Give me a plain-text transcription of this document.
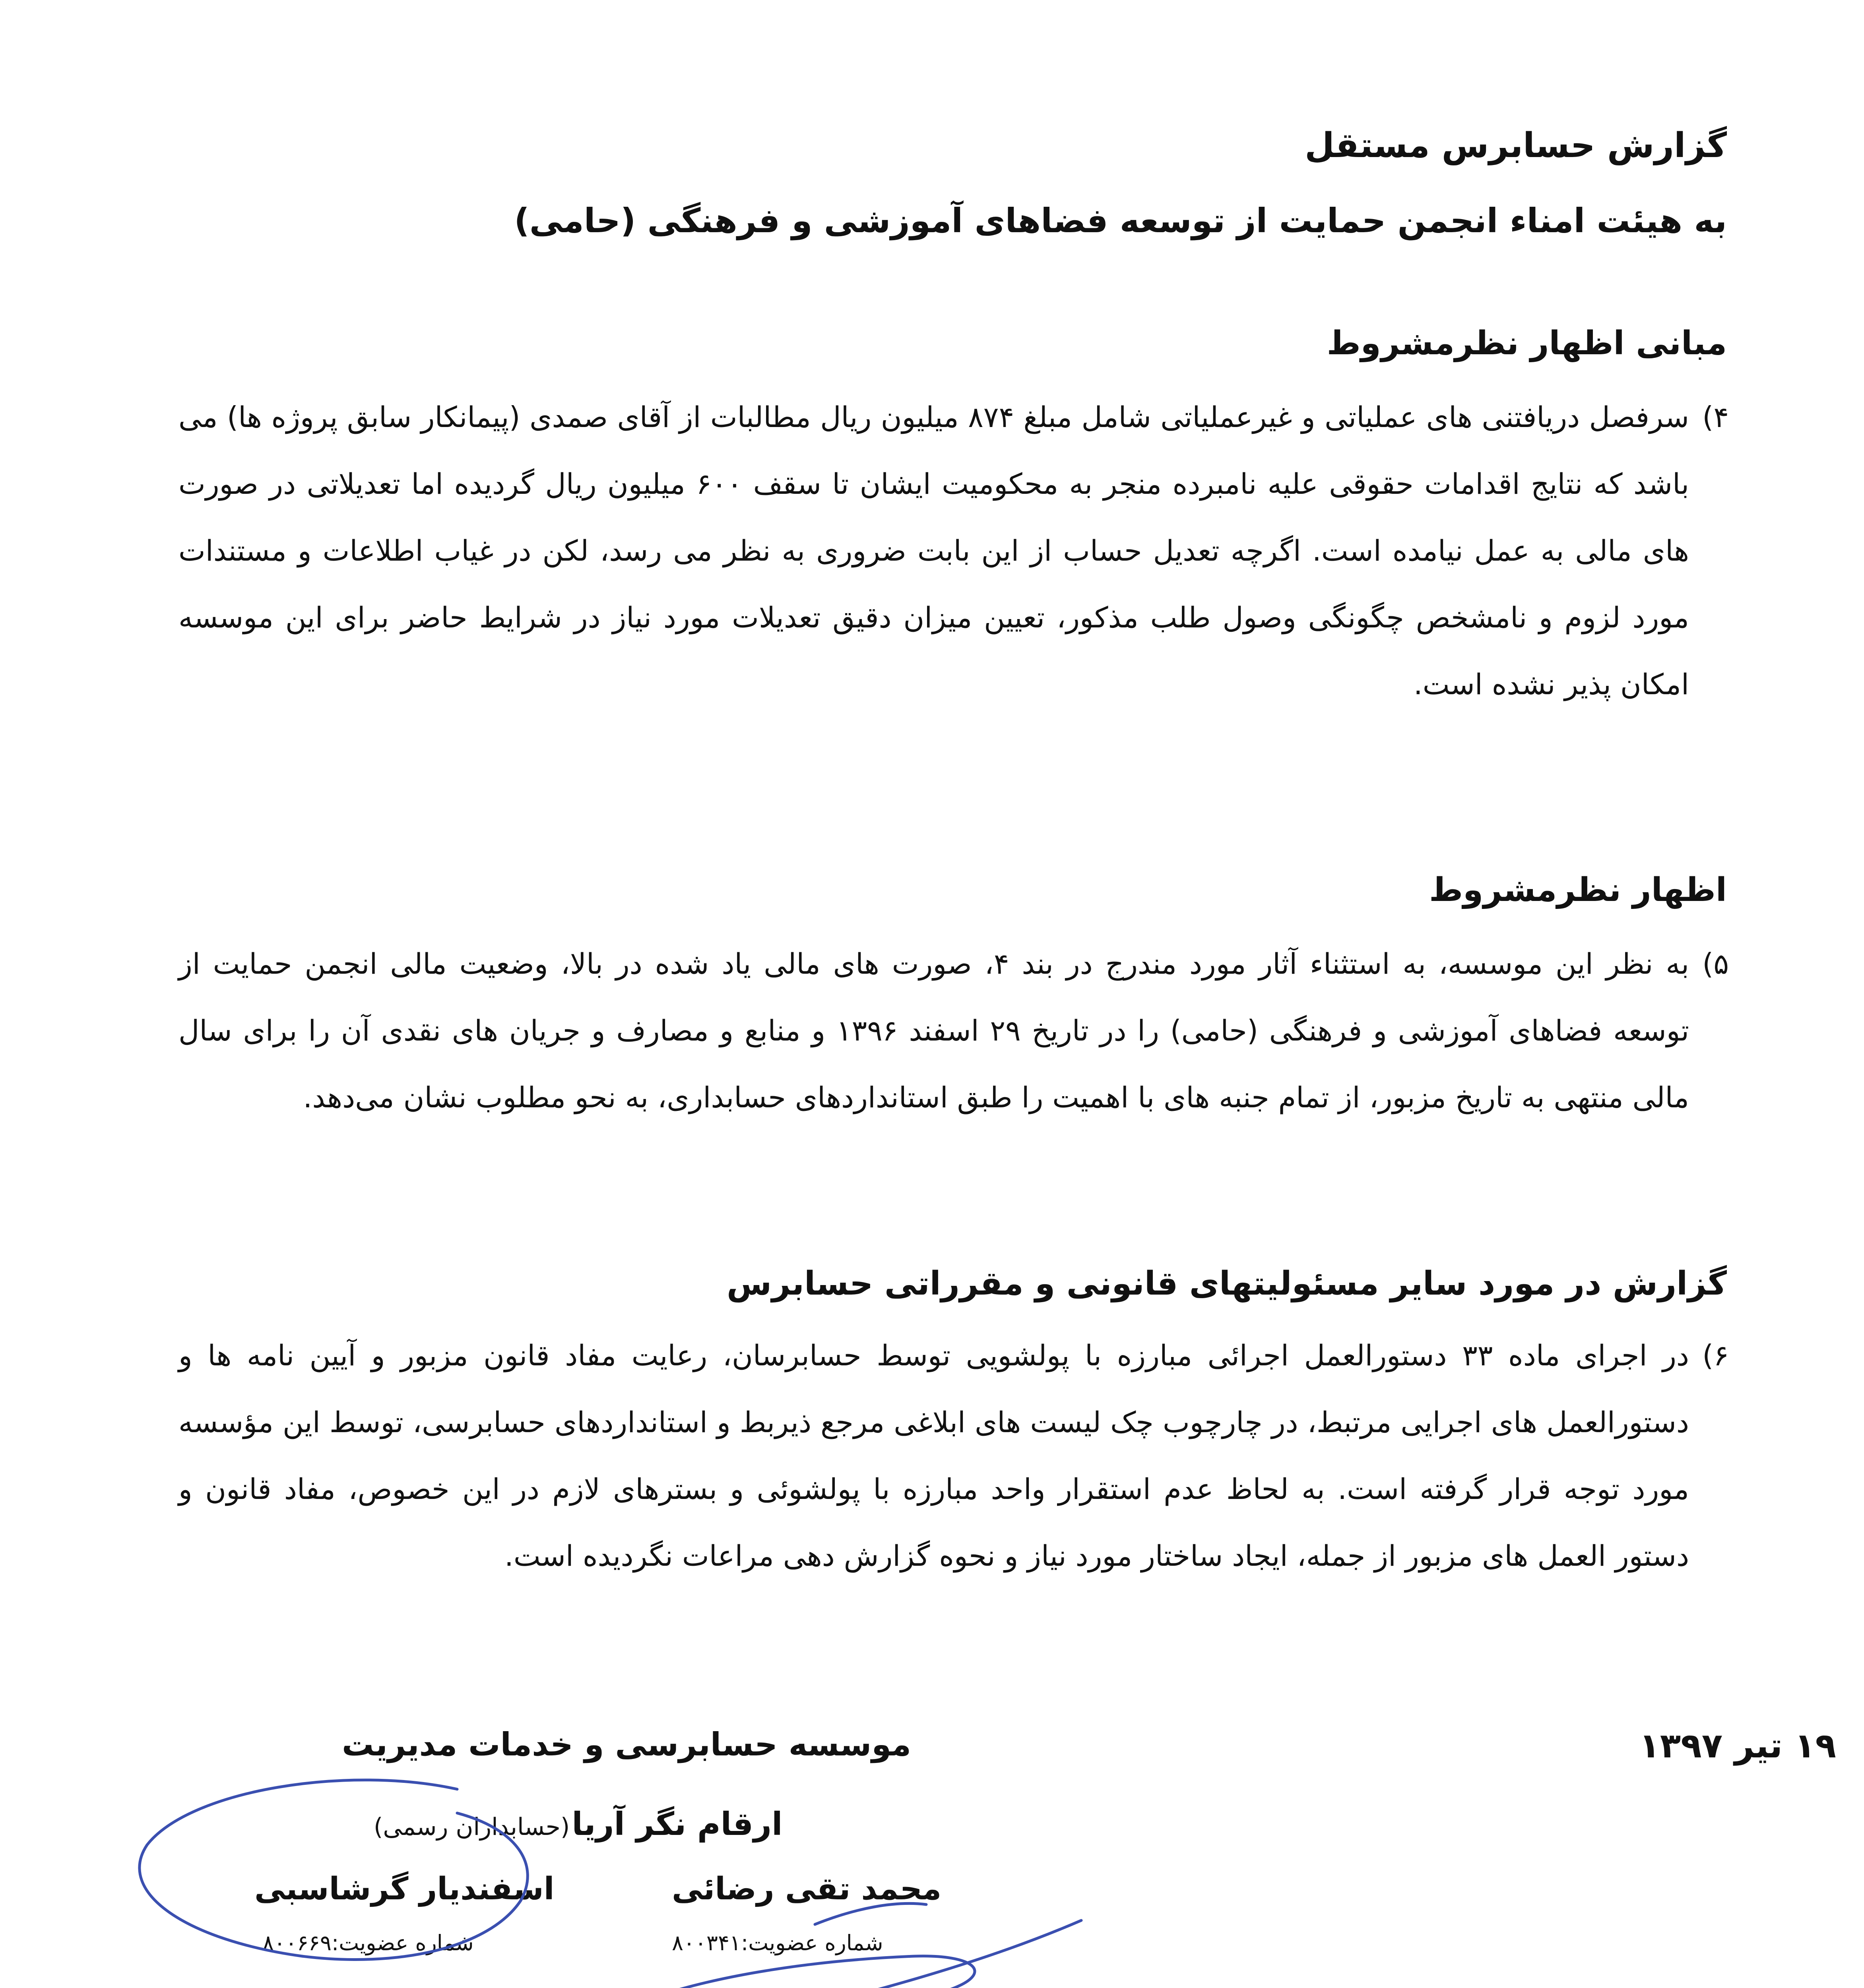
گزارش حسابرس مستقل
به هیئت امناء انجمن حمایت از توسعه فضاهای آموزشی و فرهنگی (حامی)
مبانی اظهار نظرمشروط
۴)
سرفصل دریافتنی های عملیاتی و غیرعملیاتی شامل مبلغ ۸۷۴ میلیون ریال مطالبات از آقای صمدی (پیمانکار سابق پروژه ها) می باشد که نتایج اقدامات حقوقی علیه نامبرده منجر به محکومیت ایشان تا سقف ۶۰۰ میلیون ریال گردیده اما تعدیلاتی در صورت های مالی به عمل نیامده است. اگرچه تعدیل حساب از این بابت ضروری به نظر می رسد، لکن در غیاب اطلاعات و مستندات مورد لزوم و نامشخص چگونگی وصول طلب مذکور، تعیین میزان دقیق تعدیلات مورد نیاز در شرایط حاضر برای این موسسه امکان پذیر نشده است.
اظهار نظرمشروط
۵)
به نظر این موسسه، به استثناء آثار مورد مندرج در بند ۴، صورت های مالی یاد شده در بالا، وضعیت مالی انجمن حمایت از توسعه فضاهای آموزشی و فرهنگی (حامی) را در تاریخ ۲۹ اسفند ۱۳۹۶ و منابع و مصارف و جریان های نقدی آن را برای سال مالی منتهی به تاریخ مزبور، از تمام جنبه های با اهمیت را طبق استانداردهای حسابداری، به نحو مطلوب نشان می‌دهد.
گزارش در مورد سایر مسئولیتهای قانونی و مقرراتی حسابرس
۶)
در اجرای ماده ۳۳ دستورالعمل اجرائی مبارزه با پولشویی توسط حسابرسان، رعایت مفاد قانون مزبور و آیین نامه ها و دستورالعمل های اجرایی مرتبط، در چارچوب چک لیست های ابلاغی مرجع ذیربط و استانداردهای حسابرسی، توسط این مؤسسه مورد توجه قرار گرفته است. به لحاظ عدم استقرار واحد مبارزه با پولشوئی و بسترهای لازم در این خصوص، مفاد قانون و دستور العمل های مزبور از جمله، ایجاد ساختار مورد نیاز و نحوه گزارش دهی مراعات نگردیده است.
۱۹ تیر ۱۳۹۷
موسسه حسابرسی و خدمات مدیریت
ارقام نگر آریا (حسابداران رسمی)
محمد تقی رضائی
شماره عضویت:۸۰۰۳۴۱
اسفندیار گرشاسبی
شماره عضویت:۸۰۰۶۶۹
